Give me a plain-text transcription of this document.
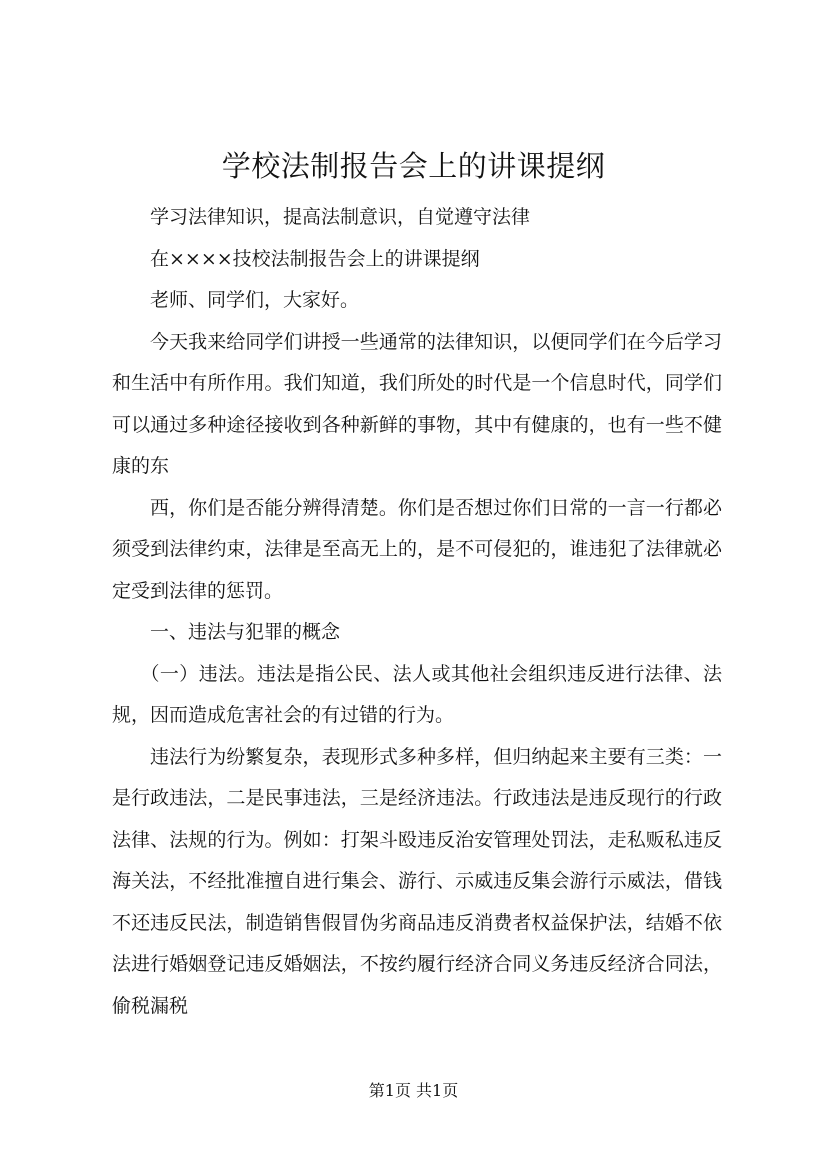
学校法制报告会上的讲课提纲

学习法律知识，提高法制意识，自觉遵守法律

在××××技校法制报告会上的讲课提纲

老师、同学们，大家好。

今天我来给同学们讲授一些通常的法律知识，以便同学们在今后学习和生活中有所作用。我们知道，我们所处的时代是一个信息时代，同学们可以通过多种途径接收到各种新鲜的事物，其中有健康的，也有一些不健康的东

西，你们是否能分辨得清楚。你们是否想过你们日常的一言一行都必须受到法律约束，法律是至高无上的，是不可侵犯的，谁违犯了法律就必定受到法律的惩罚。

一、违法与犯罪的概念

（一）违法。违法是指公民、法人或其他社会组织违反进行法律、法规，因而造成危害社会的有过错的行为。

违法行为纷繁复杂，表现形式多种多样，但归纳起来主要有三类：一是行政违法，二是民事违法，三是经济违法。行政违法是违反现行的行政法律、法规的行为。例如：打架斗殴违反治安管理处罚法，走私贩私违反海关法，不经批准擅自进行集会、游行、示威违反集会游行示威法，借钱不还违反民法，制造销售假冒伪劣商品违反消费者权益保护法，结婚不依法进行婚姻登记违反婚姻法，不按约履行经济合同义务违反经济合同法，偷税漏税

第1页 共1页
